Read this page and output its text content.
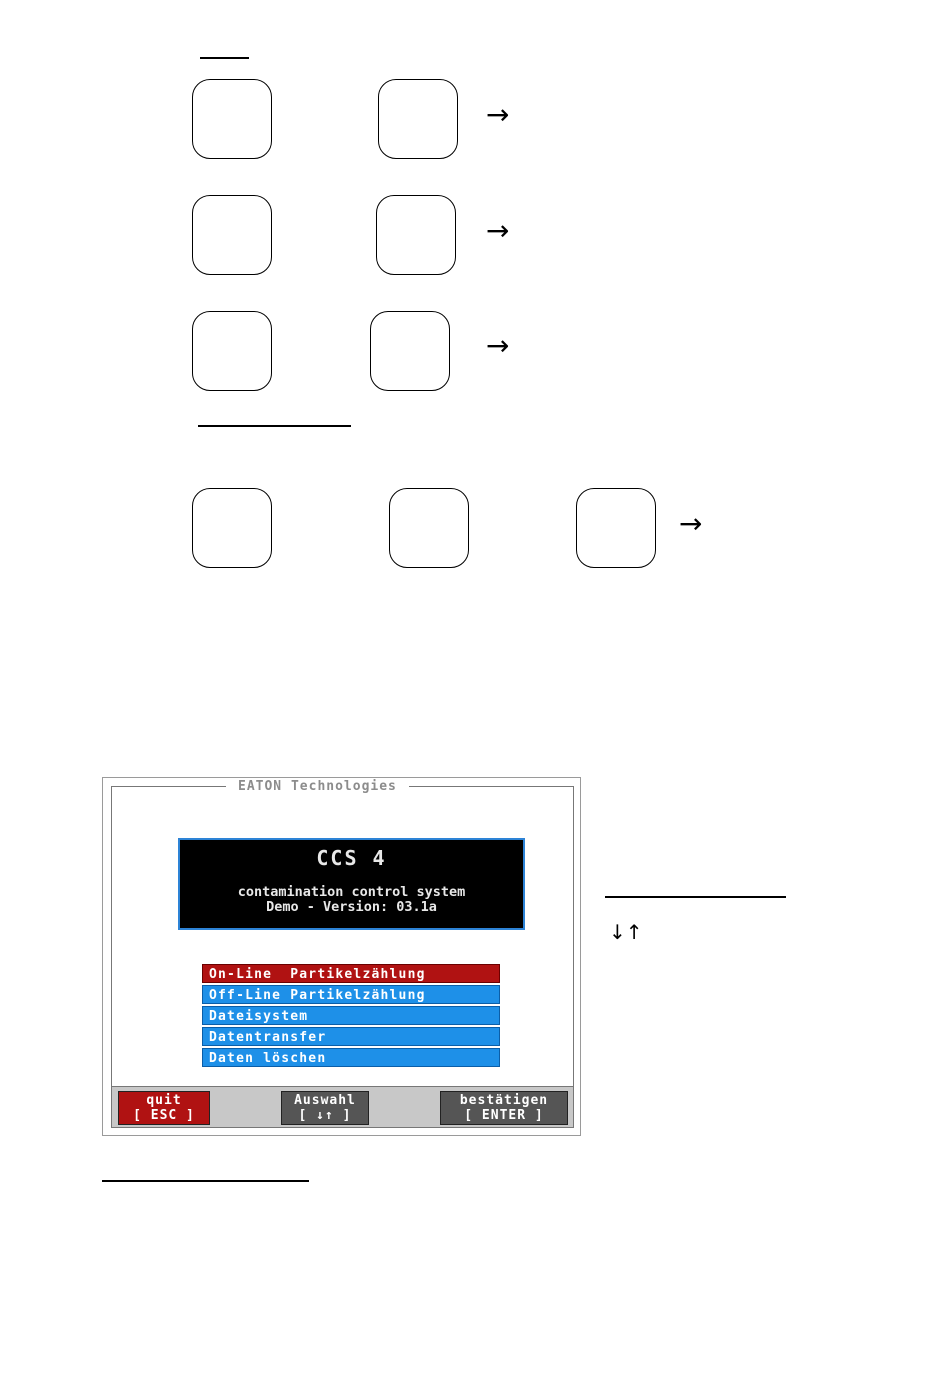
→
→
→
→
EATON Technologies
CCS 4
contamination control system
Demo - Version: 03.1a
On-Line  Partikelzählung
Off-Line Partikelzählung
Dateisystem
Datentransfer
Daten löschen
quit
[ ESC ]
Auswahl
[ ↓↑ ]
bestätigen
[ ENTER ]
↓↑
